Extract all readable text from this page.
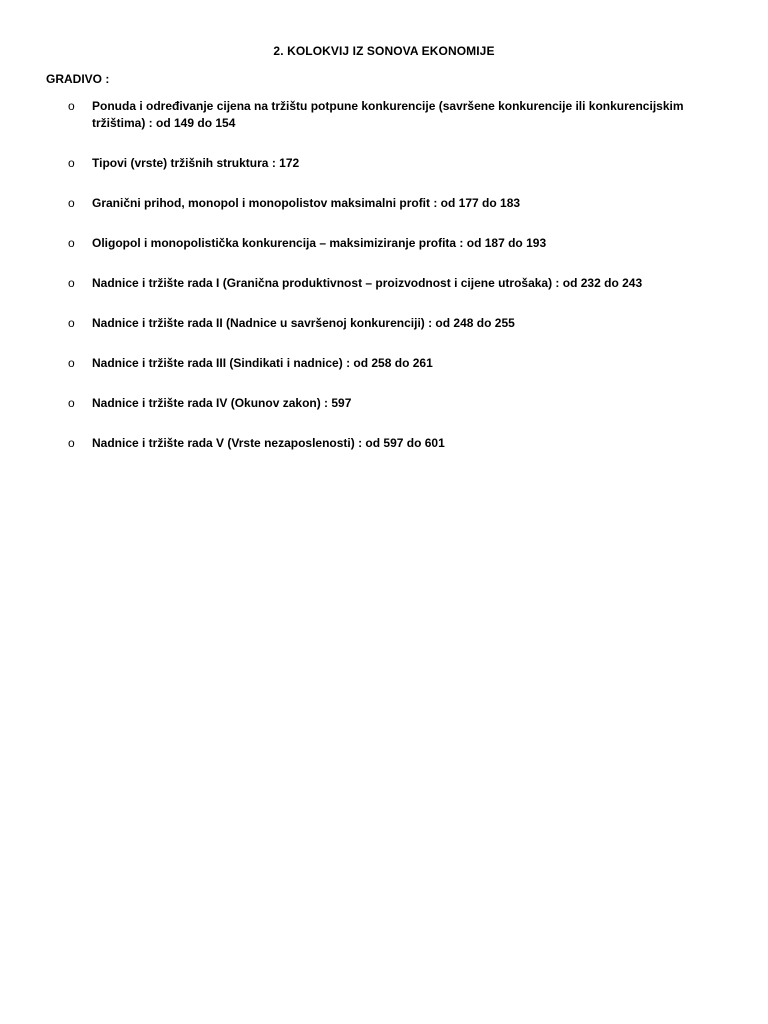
2. KOLOKVIJ IZ SONOVA EKONOMIJE
GRADIVO :
o	Ponuda i određivanje cijena na tržištu potpune konkurencije (savršene konkurencije ili konkurencijskim tržištima) : od 149 do 154
o	Tipovi (vrste) tržišnih struktura : 172
o	Granični prihod, monopol i monopolistov maksimalni profit : od 177 do 183
o	Oligopol i monopolistička konkurencija – maksimiziranje profita : od 187 do 193
o	Nadnice i tržište rada I (Granična produktivnost – proizvodnost i cijene utrošaka) : od 232 do 243
o	Nadnice i tržište rada II (Nadnice u savršenoj konkurenciji) : od 248 do 255
o	Nadnice i tržište rada III (Sindikati i nadnice) : od 258 do 261
o	Nadnice i tržište rada IV (Okunov zakon) : 597
o	Nadnice i tržište rada V (Vrste nezaposlenosti) : od 597 do 601
